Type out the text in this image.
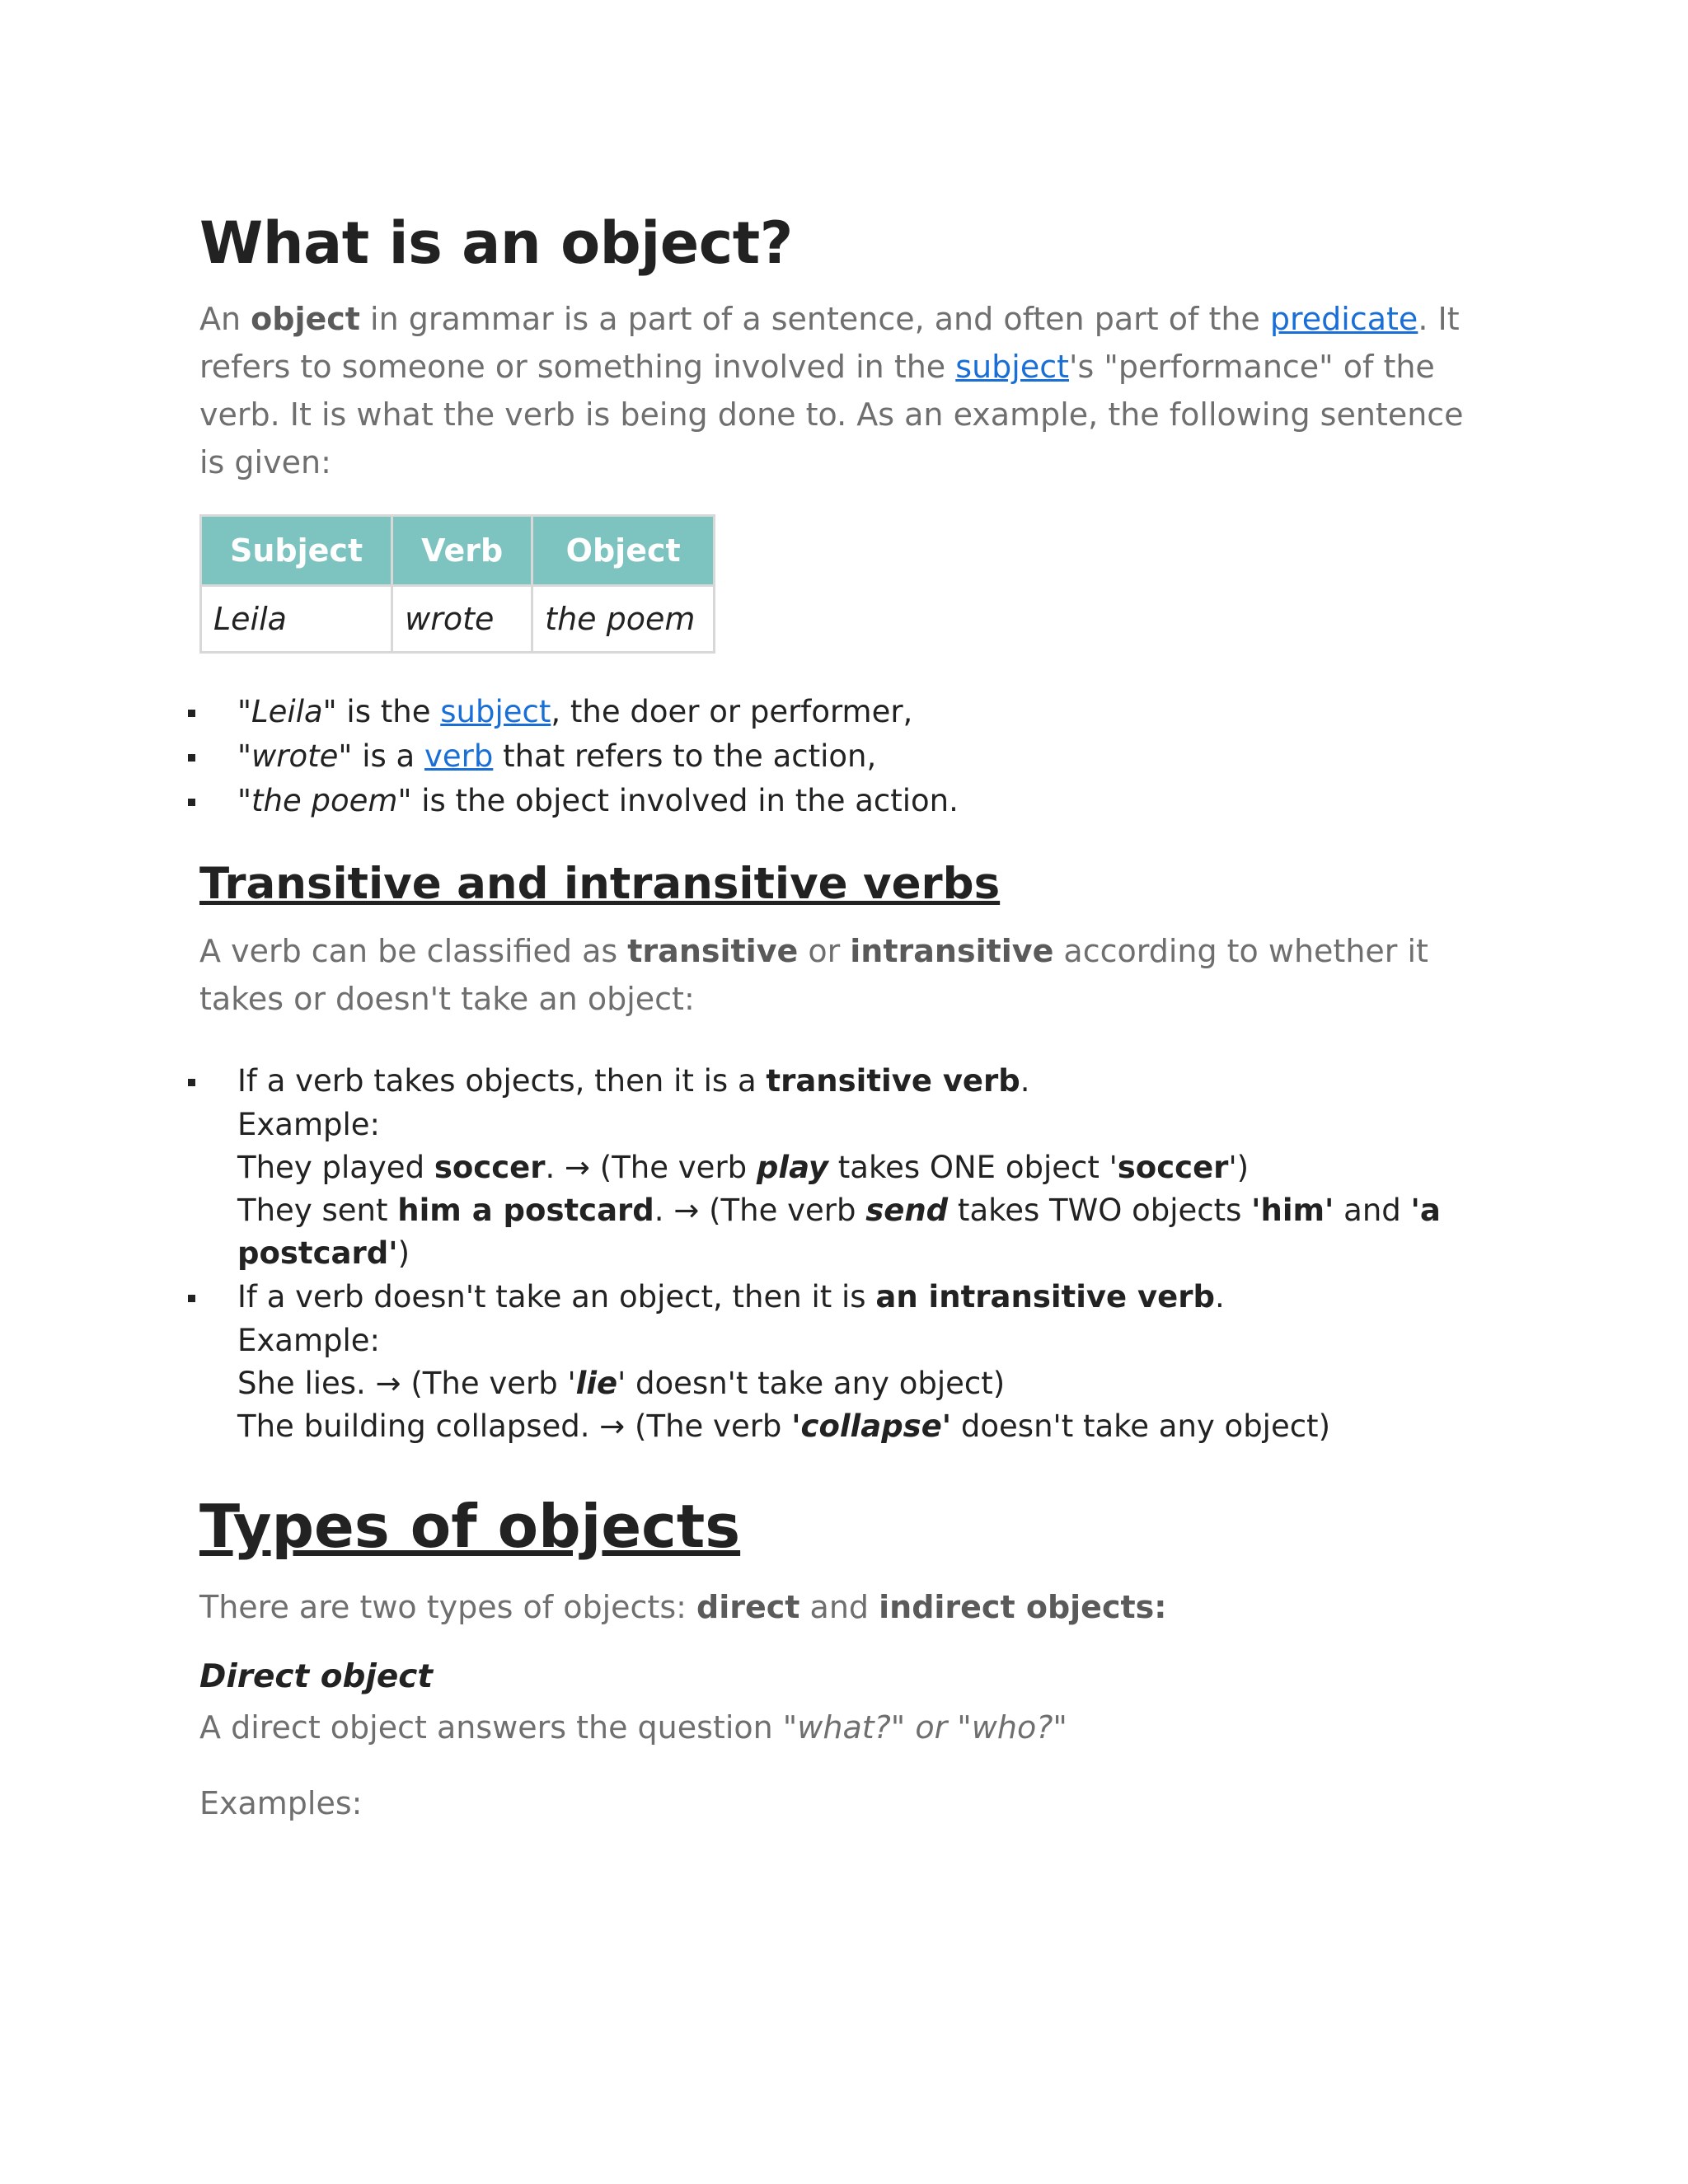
What is an object?

An object in grammar is a part of a sentence, and often part of the predicate. It refers to someone or something involved in the subject's "performance" of the verb. It is what the verb is being done to. As an example, the following sentence is given:

Subject	Verb	Object
Leila	wrote	the poem
"Leila" is the subject, the doer or performer,
"wrote" is a verb that refers to the action,
"the poem" is the object involved in the action.
Transitive and intransitive verbs

A verb can be classified as transitive or intransitive according to whether it takes or doesn't take an object:

If a verb takes objects, then it is a transitive verb.
Example:
They played soccer. → (The verb play takes ONE object 'soccer')
They sent him a postcard. → (The verb send takes TWO objects 'him' and 'a postcard')
If a verb doesn't take an object, then it is an intransitive verb.
Example:
She lies. → (The verb 'lie' doesn't take any object)
The building collapsed. → (The verb 'collapse' doesn't take any object)
Types of objects

There are two types of objects: direct and indirect objects:

Direct object

A direct object answers the question "what?" or "who?"

Examples:
